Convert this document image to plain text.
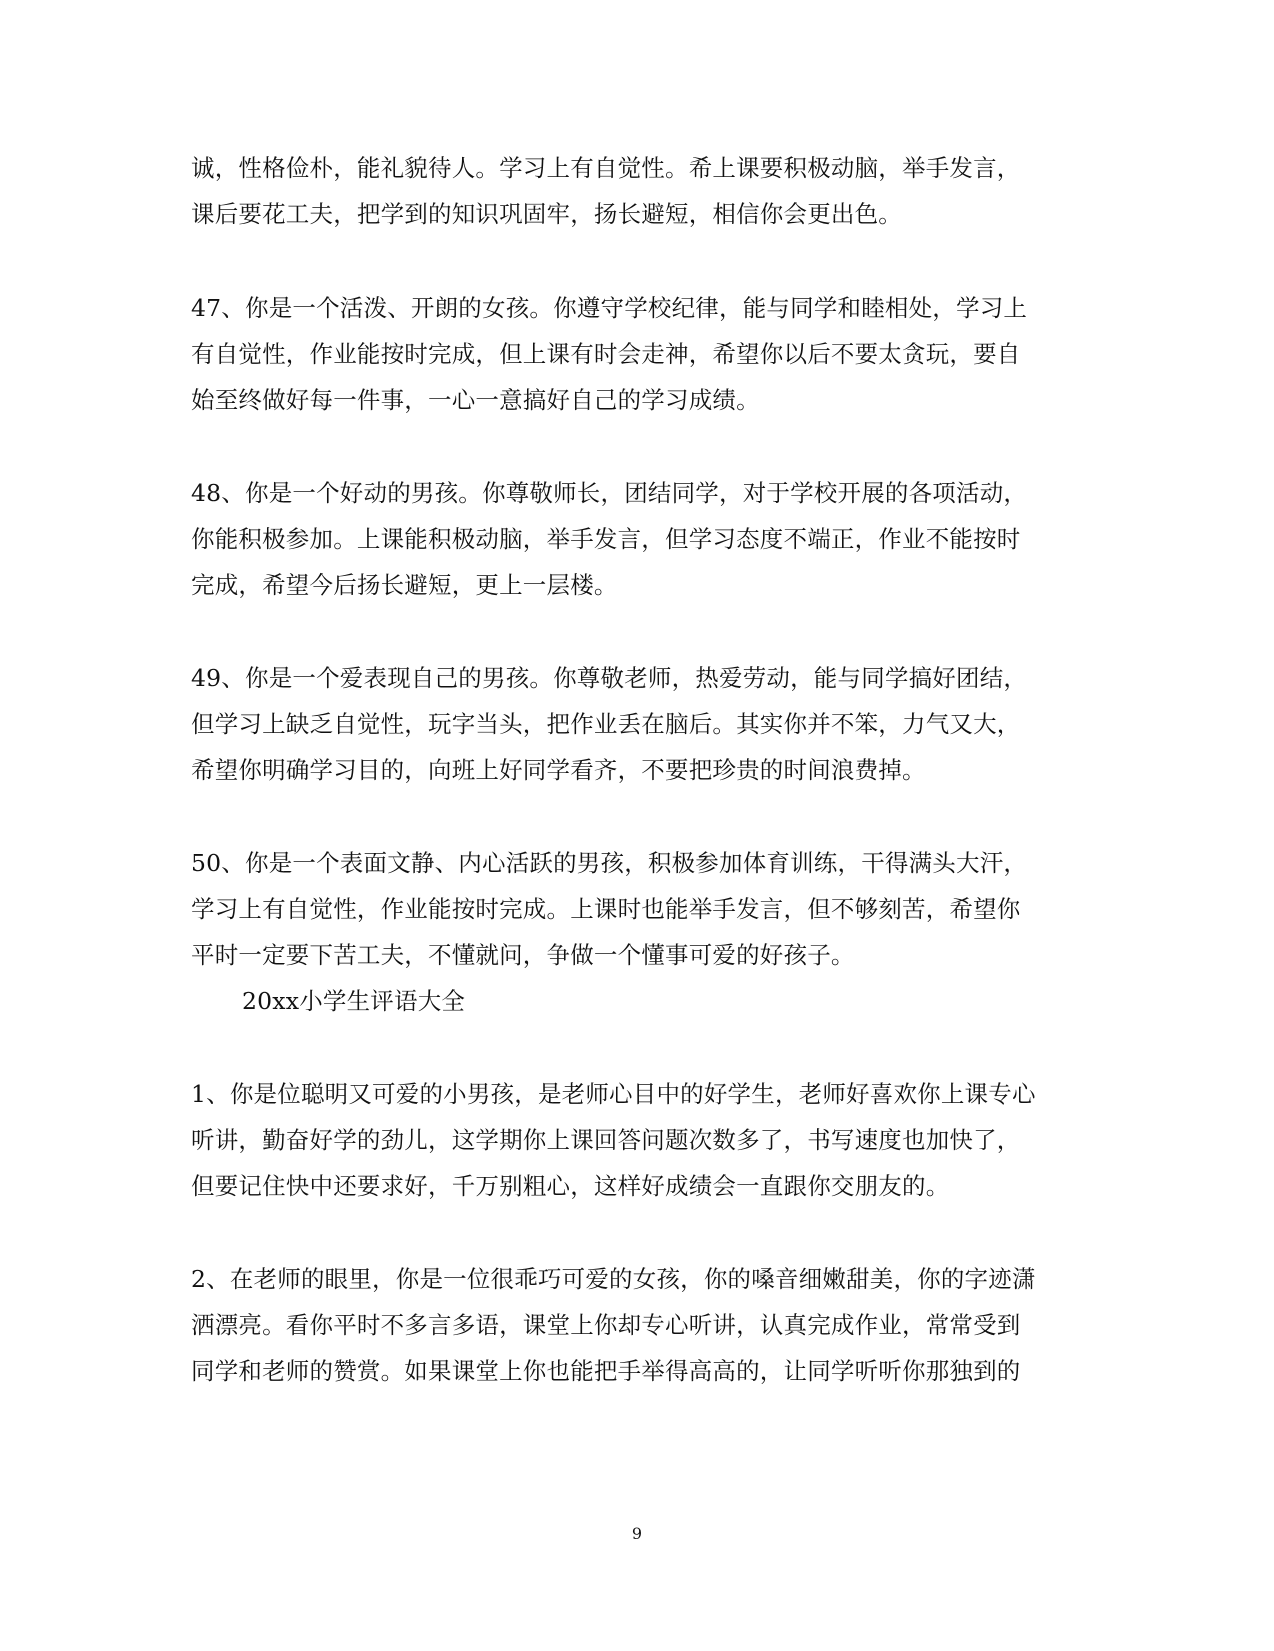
诚，性格俭朴，能礼貌待人。学习上有自觉性。希上课要积极动脑，举手发言，
课后要花工夫，把学到的知识巩固牢，扬长避短，相信你会更出色。
47、你是一个活泼、开朗的女孩。你遵守学校纪律，能与同学和睦相处，学习上
有自觉性，作业能按时完成，但上课有时会走神，希望你以后不要太贪玩，要自
始至终做好每一件事，一心一意搞好自己的学习成绩。
48、你是一个好动的男孩。你尊敬师长，团结同学，对于学校开展的各项活动，
你能积极参加。上课能积极动脑，举手发言，但学习态度不端正，作业不能按时
完成，希望今后扬长避短，更上一层楼。
49、你是一个爱表现自己的男孩。你尊敬老师，热爱劳动，能与同学搞好团结，
但学习上缺乏自觉性，玩字当头，把作业丢在脑后。其实你并不笨，力气又大，
希望你明确学习目的，向班上好同学看齐，不要把珍贵的时间浪费掉。
50、你是一个表面文静、内心活跃的男孩，积极参加体育训练，干得满头大汗，
学习上有自觉性，作业能按时完成。上课时也能举手发言，但不够刻苦，希望你
平时一定要下苦工夫，不懂就问，争做一个懂事可爱的好孩子。
20xx小学生评语大全
1、你是位聪明又可爱的小男孩，是老师心目中的好学生，老师好喜欢你上课专心
听讲，勤奋好学的劲儿，这学期你上课回答问题次数多了，书写速度也加快了，
但要记住快中还要求好，千万别粗心，这样好成绩会一直跟你交朋友的。
2、在老师的眼里，你是一位很乖巧可爱的女孩，你的嗓音细嫩甜美，你的字迹潇
洒漂亮。看你平时不多言多语，课堂上你却专心听讲，认真完成作业，常常受到
同学和老师的赞赏。如果课堂上你也能把手举得高高的，让同学听听你那独到的
9
